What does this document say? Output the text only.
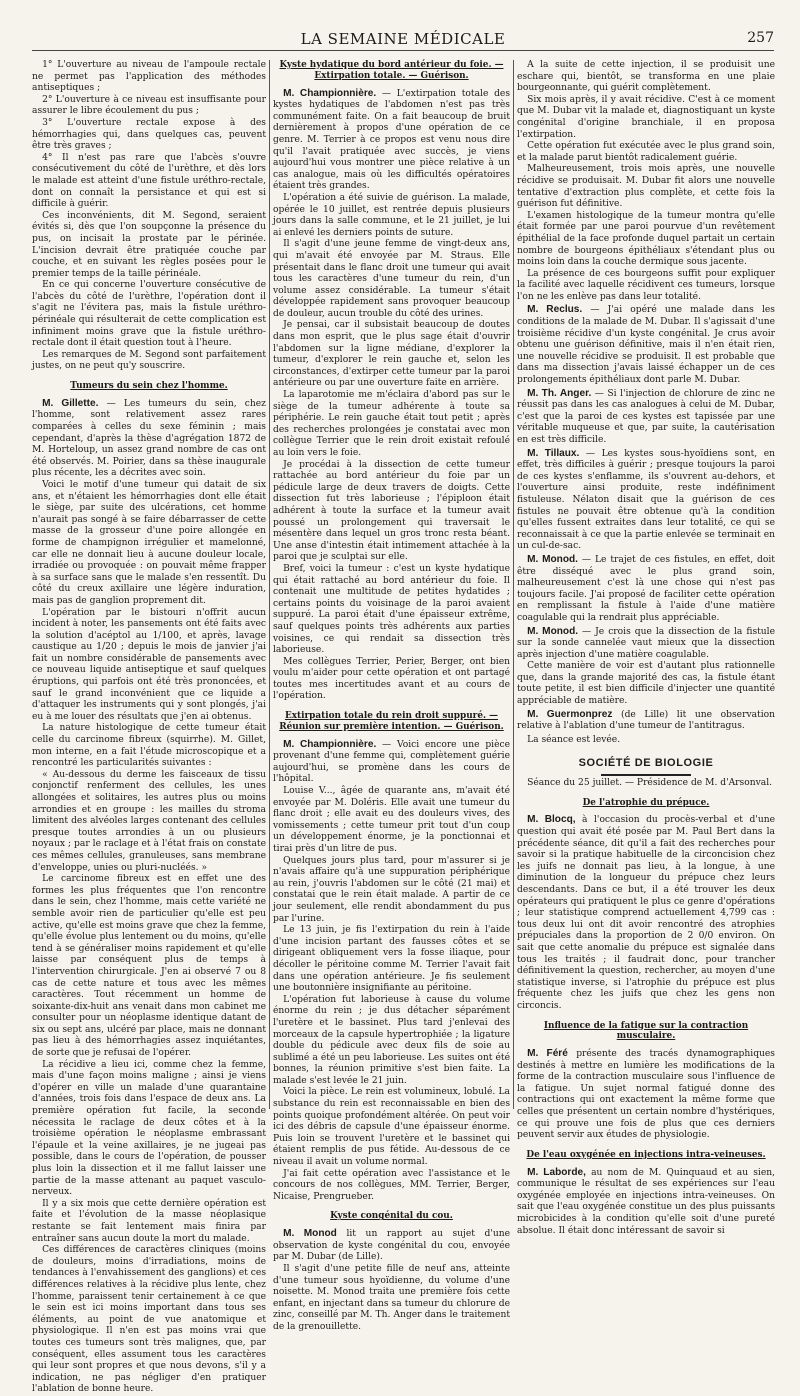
LA SEMAINE MÉDICALE	257

1° L'ouverture au niveau de l'ampoule rectale ne permet pas l'application des méthodes antiseptiques ;

2° L'ouverture à ce niveau est insuffisante pour assurer le libre écoulement du pus ;

3° L'ouverture rectale expose à des hémorrhagies qui, dans quelques cas, peuvent être très graves ;

4° Il n'est pas rare que l'abcès s'ouvre consécutivement du côté de l'urèthre, et dès lors le malade est atteint d'une fistule uréthro-rectale, dont on connaît la persistance et qui est si difficile à guérir.

Ces inconvénients, dit M. Segond, seraient évités si, dès que l'on soupçonne la présence du pus, on incisait la prostate par le périnée. L'incision devrait être pratiquée couche par couche, et en suivant les règles posées pour le premier temps de la taille périnéale.

En ce qui concerne l'ouverture consécutive de l'abcès du côté de l'urèthre, l'opération dont il s'agit ne l'évitera pas, mais la fistule uréthro-périnéale qui résulterait de cette complication est infiniment moins grave que la fistule uréthro-rectale dont il était question tout à l'heure.

Les remarques de M. Segond sont parfaitement justes, on ne peut qu'y souscrire.

Tumeurs du sein chez l'homme.

M. Gillette. — Les tumeurs du sein, chez l'homme, sont relativement assez rares comparées à celles du sexe féminin ; mais cependant, d'après la thèse d'agrégation 1872 de M. Horteloup, un assez grand nombre de cas ont été observés. M. Poirier, dans sa thèse inaugurale plus récente, les a décrites avec soin.

Voici le motif d'une tumeur qui datait de six ans, et n'étaient les hémorrhagies dont elle était le siège, par suite des ulcérations, cet homme n'aurait pas songé à se faire débarrasser de cette masse de la grosseur d'une poire allongée en forme de champignon irrégulier et mamelonné, car elle ne donnait lieu à aucune douleur locale, irradiée ou provoquée : on pouvait même frapper à sa surface sans que le malade s'en ressentît. Du côté du creux axillaire une légère induration, mais pas de ganglion proprement dit.

L'opération par le bistouri n'offrit aucun incident à noter, les pansements ont été faits avec la solution d'acéptol au 1/100, et après, lavage caustique au 1/20 ; depuis le mois de janvier j'ai fait un nombre considérable de pansements avec ce nouveau liquide antiseptique et sauf quelques éruptions, qui parfois ont été très prononcées, et sauf le grand inconvénient que ce liquide a d'attaquer les instruments qui y sont plongés, j'ai eu à me louer des résultats que j'en ai obtenus.

La nature histologique de cette tumeur était celle du carcinome fibreux (squirrhe). M. Gillet, mon interne, en a fait l'étude microscopique et a rencontré les particularités suivantes :

« Au-dessous du derme les faisceaux de tissu conjonctif renferment des cellules, les unes allongées et solitaires, les autres plus ou moins arrondies et en groupe : les mailles du stroma limitent des alvéoles larges contenant des cellules presque toutes arrondies à un ou plusieurs noyaux ; par le raclage et à l'état frais on constate ces mêmes cellules, granuleuses, sans membrane d'enveloppe, unies ou pluri-nucléés. »

Le carcinome fibreux est en effet une des formes les plus fréquentes que l'on rencontre dans le sein, chez l'homme, mais cette variété ne semble avoir rien de particulier qu'elle est peu active, qu'elle est moins grave que chez la femme, qu'elle évolue plus lentement ou du moins, qu'elle tend à se généraliser moins rapidement et qu'elle laisse par conséquent plus de temps à l'intervention chirurgicale. J'en ai observé 7 ou 8 cas de cette nature et tous avec les mêmes caractères. Tout récemment un homme de soixante-dix-huit ans venait dans mon cabinet me consulter pour un néoplasme identique datant de six ou sept ans, ulcéré par place, mais ne donnant pas lieu à des hémorrhagies assez inquiétantes, de sorte que je refusai de l'opérer.

La récidive a lieu ici, comme chez la femme, mais d'une façon moins maligne ; ainsi je viens d'opérer en ville un malade d'une quarantaine d'années, trois fois dans l'espace de deux ans. La première opération fut facile, la seconde nécessita le raclage de deux côtes et à la troisième opération le néoplasme embrassant l'épaule et la veine axillaires, je ne jugeai pas possible, dans le cours de l'opération, de pousser plus loin la dissection et il me fallut laisser une partie de la masse attenant au paquet vasculo-nerveux.

Il y a six mois que cette dernière opération est faite et l'évolution de la masse néoplasique restante se fait lentement mais finira par entraîner sans aucun doute la mort du malade.

Ces différences de caractères cliniques (moins de douleurs, moins d'irradiations, moins de tendances à l'envahissement des ganglions) et ces différences relatives à la récidive plus lente, chez l'homme, paraissent tenir certainement à ce que le sein est ici moins important dans tous ses éléments, au point de vue anatomique et physiologique. Il n'en est pas moins vrai que toutes ces tumeurs sont très malignes, que, par conséquent, elles assument tous les caractères qui leur sont propres et que nous devons, s'il y a indication, ne pas négliger d'en pratiquer l'ablation de bonne heure.

Kyste hydatique du bord antérieur du foie. — Extirpation totale. — Guérison.

M. Championnière. — L'extirpation totale des kystes hydatiques de l'abdomen n'est pas très communément faite. On a fait beaucoup de bruit dernièrement à propos d'une opération de ce genre. M. Terrier à ce propos est venu nous dire qu'il l'avait pratiquée avec succès, je viens aujourd'hui vous montrer une pièce relative à un cas analogue, mais où les difficultés opératoires étaient très grandes.

L'opération a été suivie de guérison. La malade, opérée le 10 juillet, est rentrée depuis plusieurs jours dans la salle commune, et le 21 juillet, je lui ai enlevé les derniers points de suture.

Il s'agit d'une jeune femme de vingt-deux ans, qui m'avait été envoyée par M. Straus. Elle présentait dans le flanc droit une tumeur qui avait tous les caractères d'une tumeur du rein, d'un volume assez considérable. La tumeur s'était développée rapidement sans provoquer beaucoup de douleur, aucun trouble du côté des urines.

Je pensai, car il subsistait beaucoup de doutes dans mon esprit, que le plus sage était d'ouvrir l'abdomen sur la ligne médiane, d'explorer la tumeur, d'explorer le rein gauche et, selon les circonstances, d'extirper cette tumeur par la paroi antérieure ou par une ouverture faite en arrière.

La laparotomie me m'éclaira d'abord pas sur le siège de la tumeur adhérente à toute sa périphérie. Le rein gauche était tout petit ; après des recherches prolongées je constatai avec mon collègue Terrier que le rein droit existait refoulé au loin vers le foie.

Je procédai à la dissection de cette tumeur rattachée au bord antérieur du foie par un pédicule large de deux travers de doigts. Cette dissection fut très laborieuse ; l'épiploon était adhérent à toute la surface et la tumeur avait poussé un prolongement qui traversait le mésentère dans lequel un gros tronc resta béant. Une anse d'intestin était intimement attachée à la paroi que je sculptai sur elle.

Bref, voici la tumeur : c'est un kyste hydatique qui était rattaché au bord antérieur du foie. Il contenait une multitude de petites hydatides ; certains points du voisinage de la paroi avaient suppuré. La paroi était d'une épaisseur extrême, sauf quelques points très adhérents aux parties voisines, ce qui rendait sa dissection très laborieuse.

Mes collègues Terrier, Perier, Berger, ont bien voulu m'aider pour cette opération et ont partagé toutes mes incertitudes avant et au cours de l'opération.

Extirpation totale du rein droit suppuré. — Réunion sur première intention. — Guérison.

M. Championnière. — Voici encore une pièce provenant d'une femme qui, complètement guérie aujourd'hui, se promène dans les cours de l'hôpital.

Louise V..., âgée de quarante ans, m'avait été envoyée par M. Doléris. Elle avait une tumeur du flanc droit ; elle avait eu des douleurs vives, des vomissements ; cette tumeur prit tout d'un coup un développement énorme, je la ponctionnai et tirai près d'un litre de pus.

Quelques jours plus tard, pour m'assurer si je n'avais affaire qu'à une suppuration périphérique au rein, j'ouvris l'abdomen sur le côté (21 mai) et constatai que le rein était malade. A partir de ce jour seulement, elle rendit abondamment du pus par l'urine.

Le 13 juin, je fis l'extirpation du rein à l'aide d'une incision partant des fausses côtes et se dirigeant obliquement vers la fosse iliaque, pour décoller le péritoine comme M. Terrier l'avait fait dans une opération antérieure. Je fis seulement une boutonnière insignifiante au péritoine.

L'opération fut laborieuse à cause du volume énorme du rein ; je dus détacher séparément l'uretère et le bassinet. Plus tard j'enlevai des morceaux de la capsule hypertrophiée ; la ligature double du pédicule avec deux fils de soie au sublimé a été un peu laborieuse. Les suites ont été bonnes, la réunion primitive s'est bien faite. La malade s'est levée le 21 juin.

Voici la pièce. Le rein est volumineux, lobulé. La substance du rein est reconnaissable en bien des points quoique profondément altérée. On peut voir ici des débris de capsule d'une épaisseur énorme. Puis loin se trouvent l'uretère et le bassinet qui étaient remplis de pus fétide. Au-dessous de ce niveau il avait un volume normal.

J'ai fait cette opération avec l'assistance et le concours de nos collègues, MM. Terrier, Berger, Nicaise, Prengrueber.

Kyste congénital du cou.

M. Monod lit un rapport au sujet d'une observation de kyste congénital du cou, envoyée par M. Dubar (de Lille).

Il s'agit d'une petite fille de neuf ans, atteinte d'une tumeur sous hyoïdienne, du volume d'une noisette. M. Monod traita une première fois cette enfant, en injectant dans sa tumeur du chlorure de zinc, conseillé par M. Th. Anger dans le traitement de la grenouillette.

A la suite de cette injection, il se produisit une eschare qui, bientôt, se transforma en une plaie bourgeonnante, qui guérit complètement.

Six mois après, il y avait récidive. C'est à ce moment que M. Dubar vit la malade et, diagnostiquant un kyste congénital d'origine branchiale, il en proposa l'extirpation.

Cette opération fut exécutée avec le plus grand soin, et la malade parut bientôt radicalement guérie.

Malheureusement, trois mois après, une nouvelle récidive se produisait. M. Dubar fit alors une nouvelle tentative d'extraction plus complète, et cette fois la guérison fut définitive.

L'examen histologique de la tumeur montra qu'elle était formée par une paroi pourvue d'un revêtement épithélial de la face profonde duquel partait un certain nombre de bourgeons épithéliaux s'étendant plus ou moins loin dans la couche dermique sous jacente.

La présence de ces bourgeons suffit pour expliquer la facilité avec laquelle récidivent ces tumeurs, lorsque l'on ne les enlève pas dans leur totalité.

M. Reclus. — J'ai opéré une malade dans les conditions de la malade de M. Dubar. Il s'agissait d'une troisième récidive d'un kyste congénital. Je crus avoir obtenu une guérison définitive, mais il n'en était rien, une nouvelle récidive se produisit. Il est probable que dans ma dissection j'avais laissé échapper un de ces prolongements épithéliaux dont parle M. Dubar.

M. Th. Anger. — Si l'injection de chlorure de zinc ne réussit pas dans les cas analogues à celui de M. Dubar, c'est que la paroi de ces kystes est tapissée par une véritable muqueuse et que, par suite, la cautérisation en est très difficile.

M. Tillaux. — Les kystes sous-hyoïdiens sont, en effet, très difficiles à guérir ; presque toujours la paroi de ces kystes s'enflamme, ils s'ouvrent au-dehors, et l'ouverture ainsi produite, reste indéfiniment fistuleuse. Nélaton disait que la guérison de ces fistules ne pouvait être obtenue qu'à la condition qu'elles fussent extraites dans leur totalité, ce qui se reconnaissait à ce que la partie enlevée se terminait en un cul-de-sac.

M. Monod. — Le trajet de ces fistules, en effet, doit être disséqué avec le plus grand soin, malheureusement c'est là une chose qui n'est pas toujours facile. J'ai proposé de faciliter cette opération en remplissant la fistule à l'aide d'une matière coagulable qui la rendrait plus appréciable.

M. Monod. — Je crois que la dissection de la fistule sur la sonde cannelée vaut mieux que la dissection après injection d'une matière coagulable.

Cette manière de voir est d'autant plus rationnelle que, dans la grande majorité des cas, la fistule étant toute petite, il est bien difficile d'injecter une quantité appréciable de matière.

M. Guermonprez (de Lille) lit une observation relative à l'ablation d'une tumeur de l'antitragus.

La séance est levée.

SOCIÉTÉ DE BIOLOGIE

Séance du 25 juillet. — Présidence de M. d'Arsonval.

De l'atrophie du prépuce.

M. Blocq, à l'occasion du procès-verbal et d'une question qui avait été posée par M. Paul Bert dans la précédente séance, dit qu'il a fait des recherches pour savoir si la pratique habituelle de la circoncision chez les juifs ne donnait pas lieu, à la longue, à une diminution de la longueur du prépuce chez leurs descendants. Dans ce but, il a été trouver les deux opérateurs qui pratiquent le plus ce genre d'opérations ; leur statistique comprend actuellement 4,799 cas : tous deux lui ont dit avoir rencontré des atrophies prépuciales dans la proportion de 2 0/0 environ. On sait que cette anomalie du prépuce est signalée dans tous les traités ; il faudrait donc, pour trancher définitivement la question, rechercher, au moyen d'une statistique inverse, si l'atrophie du prépuce est plus fréquente chez les juifs que chez les gens non circoncis.

Influence de la fatigue sur la contraction musculaire.

M. Féré présente des tracés dynamographiques destinés à mettre en lumière les modifications de la forme de la contraction musculaire sous l'influence de la fatigue. Un sujet normal fatigué donne des contractions qui ont exactement la même forme que celles que présentent un certain nombre d'hystériques, ce qui prouve une fois de plus que ces derniers peuvent servir aux études de physiologie.

De l'eau oxygénée en injections intra-veineuses.

M. Laborde, au nom de M. Quinquaud et au sien, communique le résultat de ses expériences sur l'eau oxygénée employée en injections intra-veineuses. On sait que l'eau oxygénée constitue un des plus puissants microbicides à la condition qu'elle soit d'une pureté absolue. Il était donc intéressant de savoir si
